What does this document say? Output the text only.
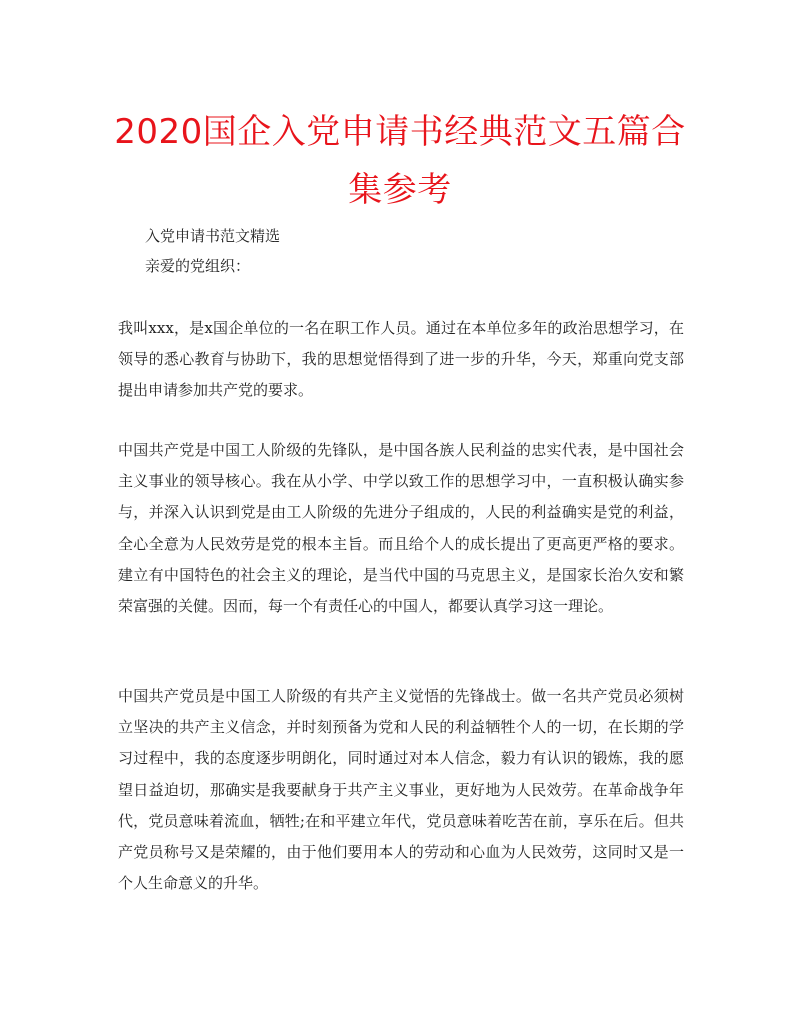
2020国企入党申请书经典范文五篇合集参考

入党申请书范文精选

亲爱的党组织：

我叫xxx，是x国企单位的一名在职工作人员。通过在本单位多年的政治思想学习，在领导的悉心教育与协助下，我的思想觉悟得到了进一步的升华，今天，郑重向党支部提出申请参加共产党的要求。

中国共产党是中国工人阶级的先锋队，是中国各族人民利益的忠实代表，是中国社会主义事业的领导核心。我在从小学、中学以致工作的思想学习中，一直积极认确实参与，并深入认识到党是由工人阶级的先进分子组成的，人民的利益确实是党的利益，全心全意为人民效劳是党的根本主旨。而且给个人的成长提出了更高更严格的要求。建立有中国特色的社会主义的理论，是当代中国的马克思主义，是国家长治久安和繁荣富强的关健。因而，每一个有责任心的中国人，都要认真学习这一理论。

中国共产党员是中国工人阶级的有共产主义觉悟的先锋战士。做一名共产党员必须树立坚决的共产主义信念，并时刻预备为党和人民的利益牺牲个人的一切，在长期的学习过程中，我的态度逐步明朗化，同时通过对本人信念，毅力有认识的锻炼，我的愿望日益迫切，那确实是我要献身于共产主义事业，更好地为人民效劳。在革命战争年代，党员意味着流血，牺牲;在和平建立年代，党员意味着吃苦在前，享乐在后。但共产党员称号又是荣耀的，由于他们要用本人的劳动和心血为人民效劳，这同时又是一个人生命意义的升华。
